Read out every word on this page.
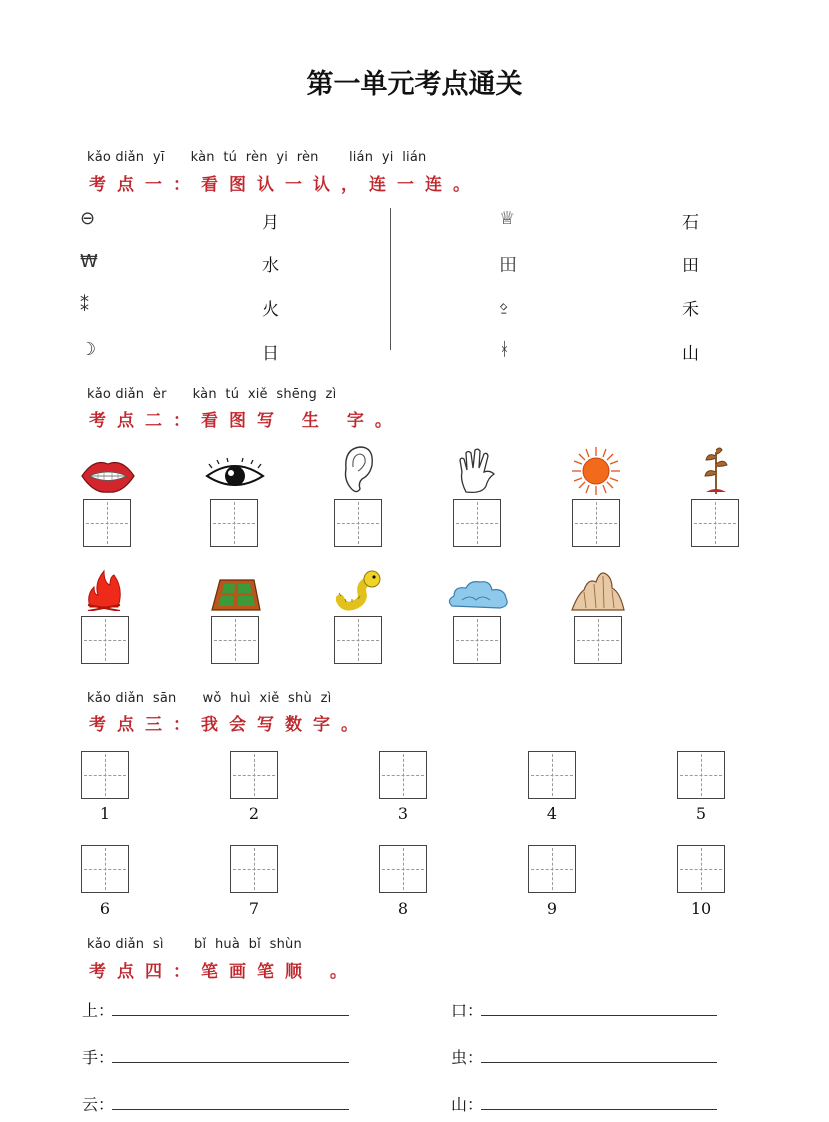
第一单元考点通关
kǎo diǎn  yī      kàn  tú  rèn  yi  rèn       lián  yi  lián
考点一：看图认一认，连一连。
⊖
₩
⁑
☽
月
水
火
日
♕
田
⍚
ᚼ
石
田
禾
山
kǎo diǎn  èr      kàn  tú  xiě  shēng  zì
考点二：看图写 生 字。
kǎo diǎn  sān      wǒ  huì  xiě  shù  zì
考点三：我会写数字。
1	2	3	4	5
6	7	8	9	10
kǎo diǎn  sì       bǐ  huà  bǐ  shùn
考点四：笔画笔顺 。
上：	口：
手：	虫：
云：	山：
